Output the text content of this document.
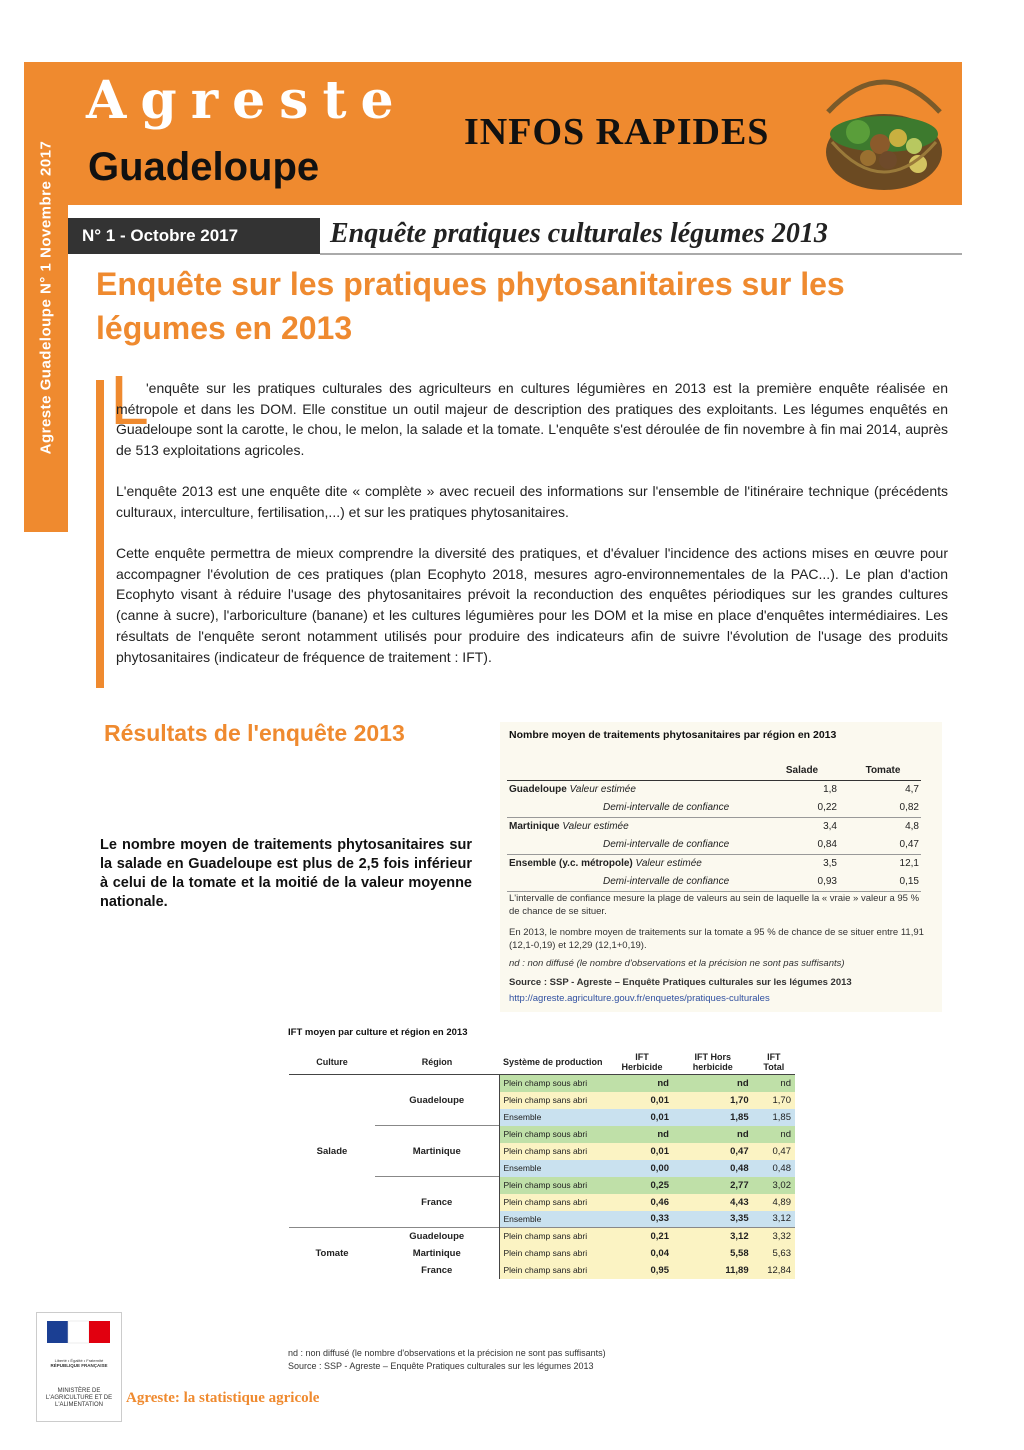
Agreste Guadeloupe N° 1 Novembre 2017
Agreste
Guadeloupe
INFOS RAPIDES
N° 1 - Octobre 2017	Enquête pratiques culturales légumes 2013
Enquête sur les pratiques phytosanitaires sur les légumes en 2013
L
'enquête sur les pratiques culturales des agriculteurs en cultures légumières en 2013 est la première enquête réalisée en métropole et dans les DOM. Elle constitue un outil majeur de description des pratiques des exploitants. Les légumes enquêtés en Guadeloupe sont la carotte, le chou, le melon, la salade et la tomate. L'enquête s'est déroulée de fin novembre à fin mai 2014, auprès de 513 exploitations agricoles.
L'enquête 2013 est une enquête dite « complète » avec recueil des informations sur l'ensemble de l'itinéraire technique (précédents culturaux, interculture, fertilisation,...) et sur les pratiques phytosanitaires.
Cette enquête permettra de mieux comprendre la diversité des pratiques, et d'évaluer l'incidence des actions mises en œuvre pour accompagner l'évolution de ces pratiques (plan Ecophyto 2018, mesures agro-environnementales de la PAC...). Le plan d'action Ecophyto visant à réduire l'usage des phytosanitaires prévoit la reconduction des enquêtes périodiques sur les grandes cultures (canne à sucre), l'arboriculture (banane) et les cultures légumières pour les DOM et la mise en place d'enquêtes intermédiaires. Les résultats de l'enquête seront notamment utilisés pour produire des indicateurs afin de suivre l'évolution de l'usage des produits phytosanitaires (indicateur de fréquence de traitement : IFT).
Résultats de l'enquête 2013
Le nombre moyen de traitements phytosanitaires sur la salade en Guadeloupe est plus de 2,5 fois inférieur à celui de la tomate et la moitié de la valeur moyenne nationale.
Nombre moyen de traitements phytosanitaires par région en 2013
Salade	Tomate
Guadeloupe Valeur estimée	1,8	4,7
Demi-intervalle de confiance	0,22	0,82
Martinique Valeur estimée	3,4	4,8
Demi-intervalle de confiance	0,84	0,47
Ensemble (y.c. métropole) Valeur estimée	3,5	12,1
Demi-intervalle de confiance	0,93	0,15
L'intervalle de confiance mesure la plage de valeurs au sein de laquelle la « vraie » valeur a 95 % de chance de se situer.
En 2013, le nombre moyen de traitements sur la tomate a 95 % de chance de se situer entre 11,91 (12,1-0,19) et 12,29 (12,1+0,19).
nd : non diffusé (le nombre d'observations et la précision ne sont pas suffisants)
Source : SSP - Agreste – Enquête Pratiques culturales sur les légumes 2013
http://agreste.agriculture.gouv.fr/enquetes/pratiques-culturales
IFT moyen par culture et région en 2013
Culture	Région	Système de production	IFT Herbicide	IFT Hors herbicide	IFT Total
Salade	Guadeloupe	Plein champ sous abri	nd	nd	nd
		Plein champ sans abri	0,01	1,70	1,70
		Ensemble	0,01	1,85	1,85
	Martinique	Plein champ sous abri	nd	nd	nd
		Plein champ sans abri	0,01	0,47	0,47
		Ensemble	0,00	0,48	0,48
	France	Plein champ sous abri	0,25	2,77	3,02
		Plein champ sans abri	0,46	4,43	4,89
		Ensemble	0,33	3,35	3,12
Tomate	Guadeloupe	Plein champ sans abri	0,21	3,12	3,32
	Martinique	Plein champ sans abri	0,04	5,58	5,63
	France	Plein champ sans abri	0,95	11,89	12,84
nd : non diffusé (le nombre d'observations et la précision ne sont pas suffisants)
Source : SSP - Agreste – Enquête Pratiques culturales sur les légumes 2013
Liberté • Égalité • Fraternité
RÉPUBLIQUE FRANÇAISE
MINISTÈRE DE L'AGRICULTURE ET DE L'ALIMENTATION	Agreste: la statistique agricole
